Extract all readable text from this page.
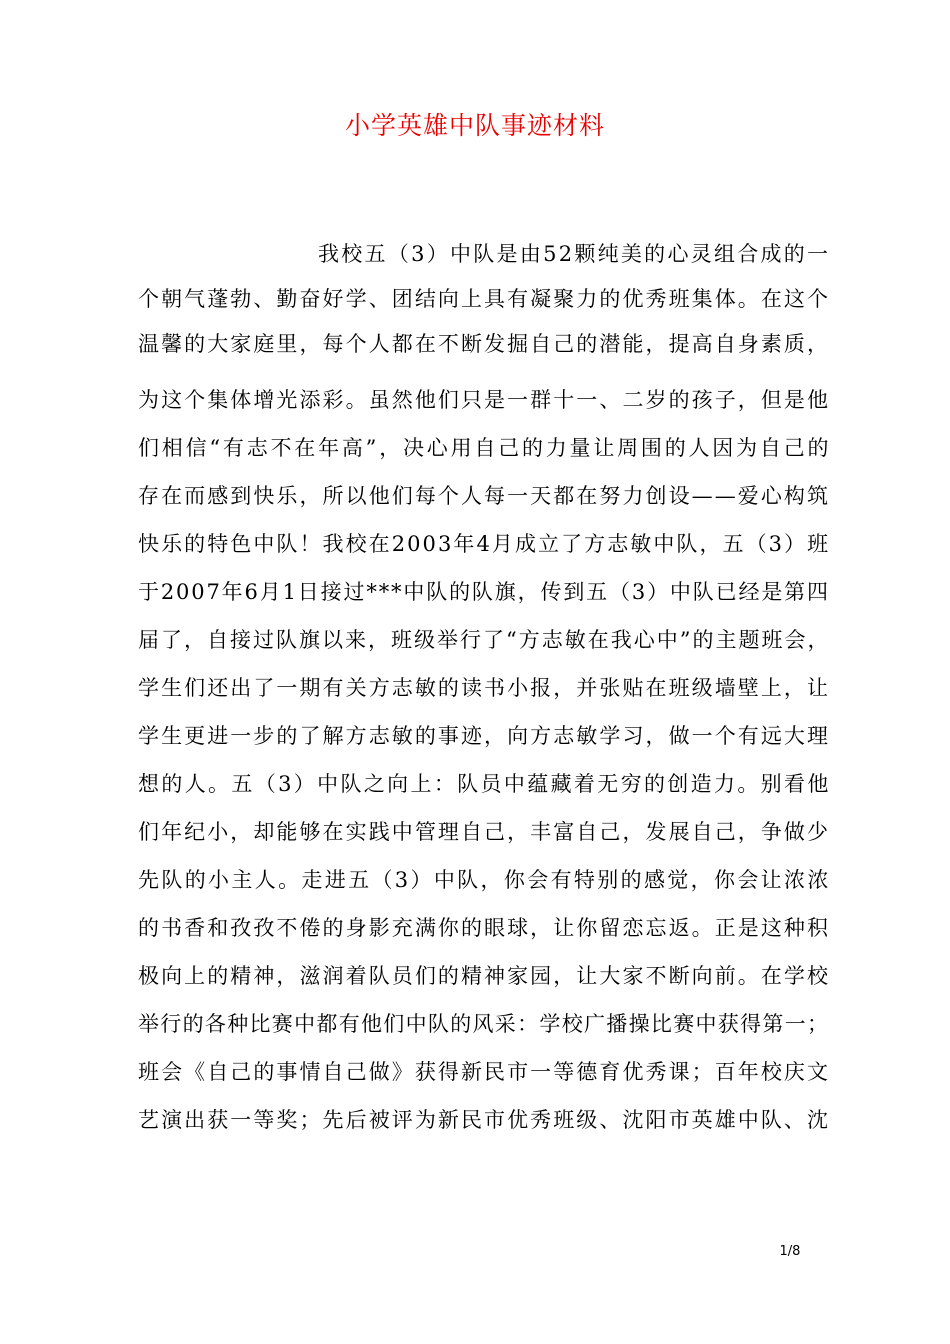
小学英雄中队事迹材料
我校五（3）中队是由52颗纯美的心灵组合成的一
个朝气蓬勃、勤奋好学、团结向上具有凝聚力的优秀班集体。在这个
温馨的大家庭里，每个人都在不断发掘自己的潜能，提高自身素质，
为这个集体增光添彩。虽然他们只是一群十一、二岁的孩子，但是他
们相信“有志不在年高”，决心用自己的力量让周围的人因为自己的
存在而感到快乐，所以他们每个人每一天都在努力创设——爱心构筑
快乐的特色中队！我校在2003年4月成立了方志敏中队，五（3）班
于2007年6月1日接过***中队的队旗，传到五（3）中队已经是第四
届了，自接过队旗以来，班级举行了“方志敏在我心中”的主题班会，
学生们还出了一期有关方志敏的读书小报，并张贴在班级墙壁上，让
学生更进一步的了解方志敏的事迹，向方志敏学习，做一个有远大理
想的人。五（3）中队之向上：队员中蕴藏着无穷的创造力。别看他
们年纪小，却能够在实践中管理自己，丰富自己，发展自己，争做少
先队的小主人。走进五（3）中队，你会有特别的感觉，你会让浓浓
的书香和孜孜不倦的身影充满你的眼球，让你留恋忘返。正是这种积
极向上的精神，滋润着队员们的精神家园，让大家不断向前。在学校
举行的各种比赛中都有他们中队的风采：学校广播操比赛中获得第一；
班会《自己的事情自己做》获得新民市一等德育优秀课；百年校庆文
艺演出获一等奖；先后被评为新民市优秀班级、沈阳市英雄中队、沈
1/8
